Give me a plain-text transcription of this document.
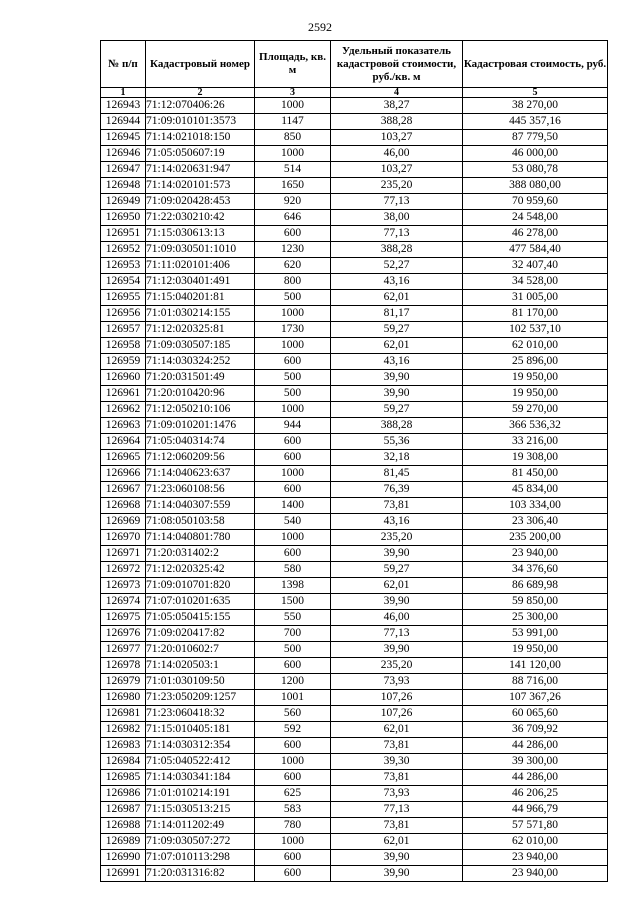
2592
№ п/п	Кадастровый номер	Площадь, кв. м	Удельный показатель кадастровой стоимости, руб./кв. м	Кадастровая стоимость, руб.
1	2	3	4	5
126943	71:12:070406:26	1000	38,27	38 270,00
126944	71:09:010101:3573	1147	388,28	445 357,16
126945	71:14:021018:150	850	103,27	87 779,50
126946	71:05:050607:19	1000	46,00	46 000,00
126947	71:14:020631:947	514	103,27	53 080,78
126948	71:14:020101:573	1650	235,20	388 080,00
126949	71:09:020428:453	920	77,13	70 959,60
126950	71:22:030210:42	646	38,00	24 548,00
126951	71:15:030613:13	600	77,13	46 278,00
126952	71:09:030501:1010	1230	388,28	477 584,40
126953	71:11:020101:406	620	52,27	32 407,40
126954	71:12:030401:491	800	43,16	34 528,00
126955	71:15:040201:81	500	62,01	31 005,00
126956	71:01:030214:155	1000	81,17	81 170,00
126957	71:12:020325:81	1730	59,27	102 537,10
126958	71:09:030507:185	1000	62,01	62 010,00
126959	71:14:030324:252	600	43,16	25 896,00
126960	71:20:031501:49	500	39,90	19 950,00
126961	71:20:010420:96	500	39,90	19 950,00
126962	71:12:050210:106	1000	59,27	59 270,00
126963	71:09:010201:1476	944	388,28	366 536,32
126964	71:05:040314:74	600	55,36	33 216,00
126965	71:12:060209:56	600	32,18	19 308,00
126966	71:14:040623:637	1000	81,45	81 450,00
126967	71:23:060108:56	600	76,39	45 834,00
126968	71:14:040307:559	1400	73,81	103 334,00
126969	71:08:050103:58	540	43,16	23 306,40
126970	71:14:040801:780	1000	235,20	235 200,00
126971	71:20:031402:2	600	39,90	23 940,00
126972	71:12:020325:42	580	59,27	34 376,60
126973	71:09:010701:820	1398	62,01	86 689,98
126974	71:07:010201:635	1500	39,90	59 850,00
126975	71:05:050415:155	550	46,00	25 300,00
126976	71:09:020417:82	700	77,13	53 991,00
126977	71:20:010602:7	500	39,90	19 950,00
126978	71:14:020503:1	600	235,20	141 120,00
126979	71:01:030109:50	1200	73,93	88 716,00
126980	71:23:050209:1257	1001	107,26	107 367,26
126981	71:23:060418:32	560	107,26	60 065,60
126982	71:15:010405:181	592	62,01	36 709,92
126983	71:14:030312:354	600	73,81	44 286,00
126984	71:05:040522:412	1000	39,30	39 300,00
126985	71:14:030341:184	600	73,81	44 286,00
126986	71:01:010214:191	625	73,93	46 206,25
126987	71:15:030513:215	583	77,13	44 966,79
126988	71:14:011202:49	780	73,81	57 571,80
126989	71:09:030507:272	1000	62,01	62 010,00
126990	71:07:010113:298	600	39,90	23 940,00
126991	71:20:031316:82	600	39,90	23 940,00
